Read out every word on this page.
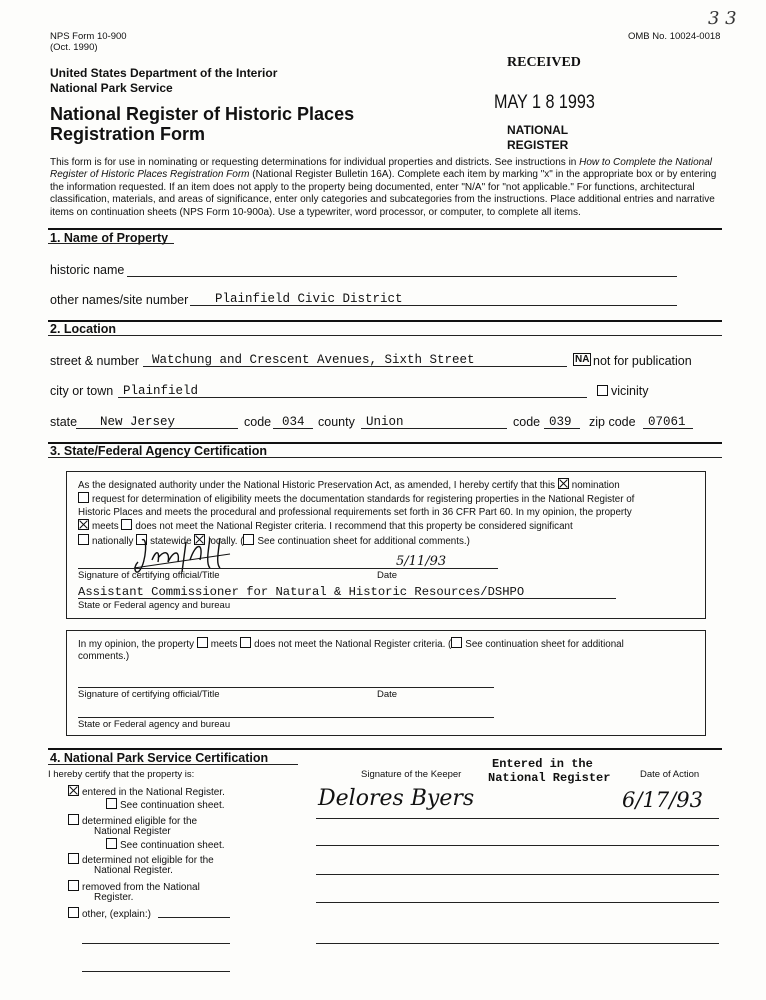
NPS Form 10-900
(Oct. 1990)
OMB No. 10024-0018
3 3
United States Department of the Interior
National Park Service
National Register of Historic Places
Registration Form
RECEIVED
MAY 1 8 1993
NATIONAL
REGISTER
This form is for use in nominating or requesting determinations for individual properties and districts. See instructions in How to Complete the National Register of Historic Places Registration Form (National Register Bulletin 16A). Complete each item by marking "x" in the appropriate box or by entering the information requested. If an item does not apply to the property being documented, enter "N/A" for "not applicable." For functions, architectural classification, materials, and areas of significance, enter only categories and subcategories from the instructions. Place additional entries and narrative items on continuation sheets (NPS Form 10-900a). Use a typewriter, word processor, or computer, to complete all items.
1. Name of Property
historic name
other names/site number Plainfield Civic District
2. Location
street & number Watchung and Crescent Avenues, Sixth Street	NA not for publication
city or town Plainfield	vicinity
state New Jersey	code 034 county Union	code 039 zip code 07061
3. State/Federal Agency Certification
As the designated authority under the National Historic Preservation Act, as amended, I hereby certify that this nomination
request for determination of eligibility meets the documentation standards for registering properties in the National Register of
Historic Places and meets the procedural and professional requirements set forth in 36 CFR Part 60. In my opinion, the property
meets does not meet the National Register criteria. I recommend that this property be considered significant
nationally statewide locally. ( See continuation sheet for additional comments.)
Signature of certifying official/Title
5/11/93
Date
Assistant Commissioner for Natural & Historic Resources/DSHPO
State or Federal agency and bureau
In my opinion, the property meets does not meet the National Register criteria. ( See continuation sheet for additional
comments.)
Signature of certifying official/Title	Date
State or Federal agency and bureau
4. National Park Service Certification
I hereby certify that the property is:	Signature of the Keeper	Date of Action
Entered in the
National Register
Delores Byers	6/17/93
entered in the National Register.
See continuation sheet.
determined eligible for the
National Register
See continuation sheet.
determined not eligible for the
National Register.
removed from the National
Register.
other, (explain:)
